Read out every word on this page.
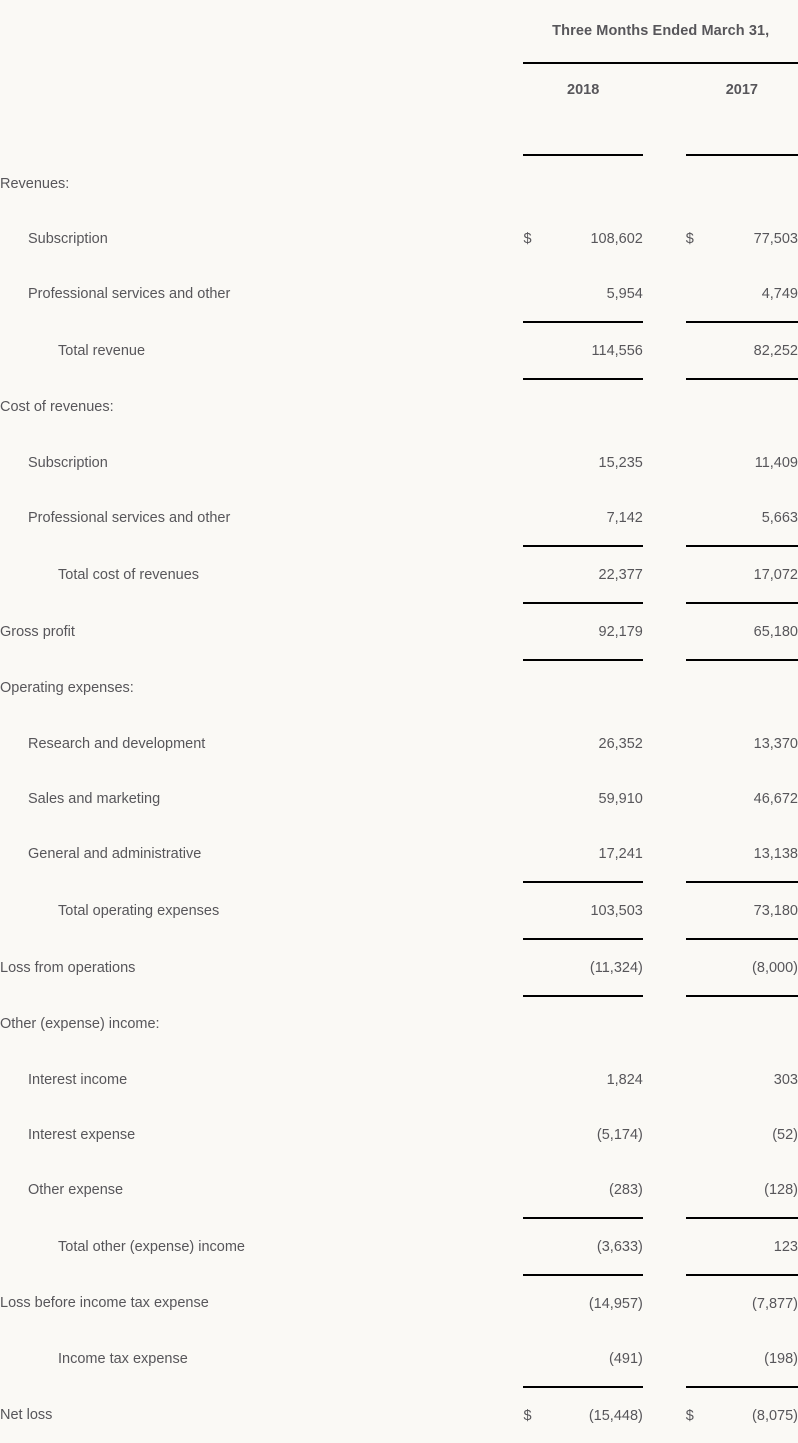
	Three Months Ended March 31,				

	2018			2017	

Revenues:					
Subscription	$	108,602		$	77,503
Professional services and other		5,954			4,749
Total revenue		114,556			82,252
Cost of revenues:					
Subscription		15,235			11,409
Professional services and other		7,142			5,663
Total cost of revenues		22,377			17,072
Gross profit		92,179			65,180
Operating expenses:					
Research and development		26,352			13,370
Sales and marketing		59,910			46,672
General and administrative		17,241			13,138
Total operating expenses		103,503			73,180
Loss from operations		(11,324)			(8,000)
Other (expense) income:					
Interest income		1,824			303
Interest expense		(5,174)			(52)
Other expense		(283)			(128)
Total other (expense) income		(3,633)			123
Loss before income tax expense		(14,957)			(7,877)
Income tax expense		(491)			(198)
Net loss	$	(15,448)		$	(8,075)
